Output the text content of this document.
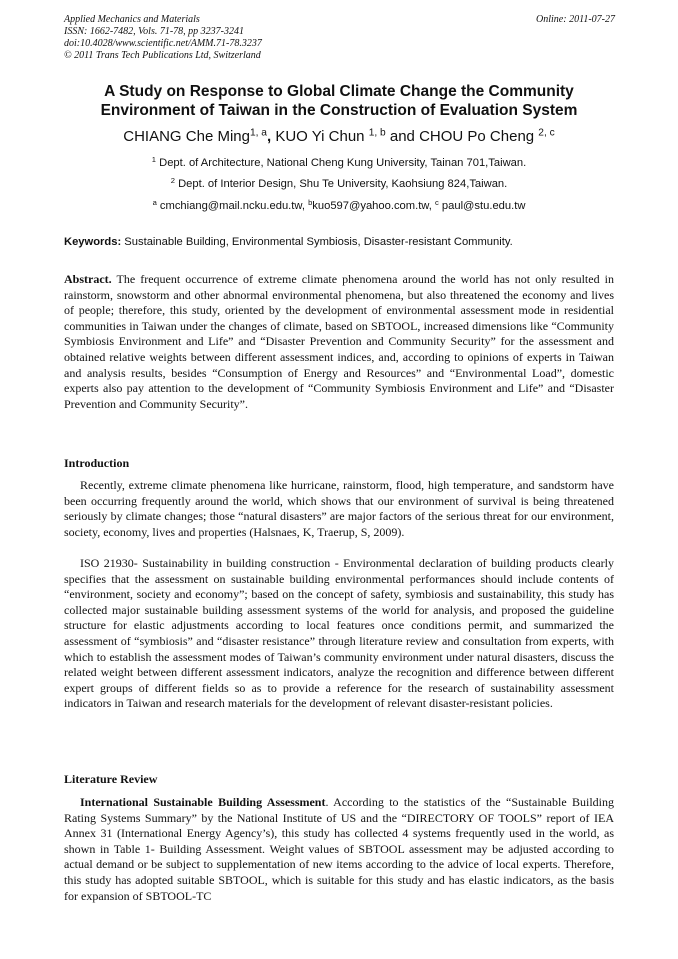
Applied Mechanics and Materials
ISSN: 1662-7482, Vols. 71-78, pp 3237-3241
doi:10.4028/www.scientific.net/AMM.71-78.3237
© 2011 Trans Tech Publications Ltd, Switzerland
Online: 2011-07-27
A Study on Response to Global Climate Change the Community
Environment of Taiwan in the Construction of Evaluation System
CHIANG Che Ming$^{1, a}$, KUO Yi Chun $^{1, b}$ and CHOU Po Cheng $^{2, c}$
$^1$ Dept. of Architecture, National Cheng Kung University, Tainan 701,Taiwan.
$^2$ Dept. of Interior Design, Shu Te University, Kaohsiung 824,Taiwan.
$^a$ cmchiang@mail.ncku.edu.tw, $^b$kuo597@yahoo.com.tw, $^c$ paul@stu.edu.tw
Keywords: Sustainable Building, Environmental Symbiosis, Disaster-resistant Community.

Abstract. The frequent occurrence of extreme climate phenomena around the world has not only resulted in rainstorm, snowstorm and other abnormal environmental phenomena, but also threatened the economy and lives of people; therefore, this study, oriented by the development of environmental assessment mode in residential communities in Taiwan under the changes of climate, based on SBTOOL, increased dimensions like “Community Symbiosis Environment and Life” and “Disaster Prevention and Community Security” for the assessment and obtained relative weights between different assessment indices, and, according to opinions of experts in Taiwan and analysis results, besides “Consumption of Energy and Resources” and “Environmental Load”, domestic experts also pay attention to the development of “Community Symbiosis Environment and Life” and “Disaster Prevention and Community Security”.

Introduction

Recently, extreme climate phenomena like hurricane, rainstorm, flood, high temperature, and sandstorm have been occurring frequently around the world, which shows that our environment of survival is being threatened seriously by climate changes; those “natural disasters” are major factors of the serious threat for our environment, society, economy, lives and properties (Halsnaes, K, Traerup, S, 2009).

ISO 21930- Sustainability in building construction - Environmental declaration of building products clearly specifies that the assessment on sustainable building environmental performances should include contents of “environment, society and economy”; based on the concept of safety, symbiosis and sustainability, this study has collected major sustainable building assessment systems of the world for analysis, and proposed the guideline structure for elastic adjustments according to local features once conditions permit, and summarized the assessment of “symbiosis” and “disaster resistance” through literature review and consultation from experts, with which to establish the assessment modes of Taiwan’s community environment under natural disasters, discuss the related weight between different assessment indicators, analyze the recognition and difference between different expert groups of different fields so as to provide a reference for the research of sustainability assessment indicators in Taiwan and research materials for the development of relevant disaster-resistant policies.

Literature Review

International Sustainable Building Assessment. According to the statistics of the “Sustainable Building Rating Systems Summary” by the National Institute of US and the “DIRECTORY OF TOOLS” report of IEA Annex 31 (International Energy Agency’s), this study has collected 4 systems frequently used in the world, as shown in Table 1- Building Assessment. Weight values of SBTOOL assessment may be adjusted according to actual demand or be subject to supplementation of new items according to the advice of local experts. Therefore, this study has adopted suitable SBTOOL, which is suitable for this study and has elastic indicators, as the basis for expansion of SBTOOL-TC
